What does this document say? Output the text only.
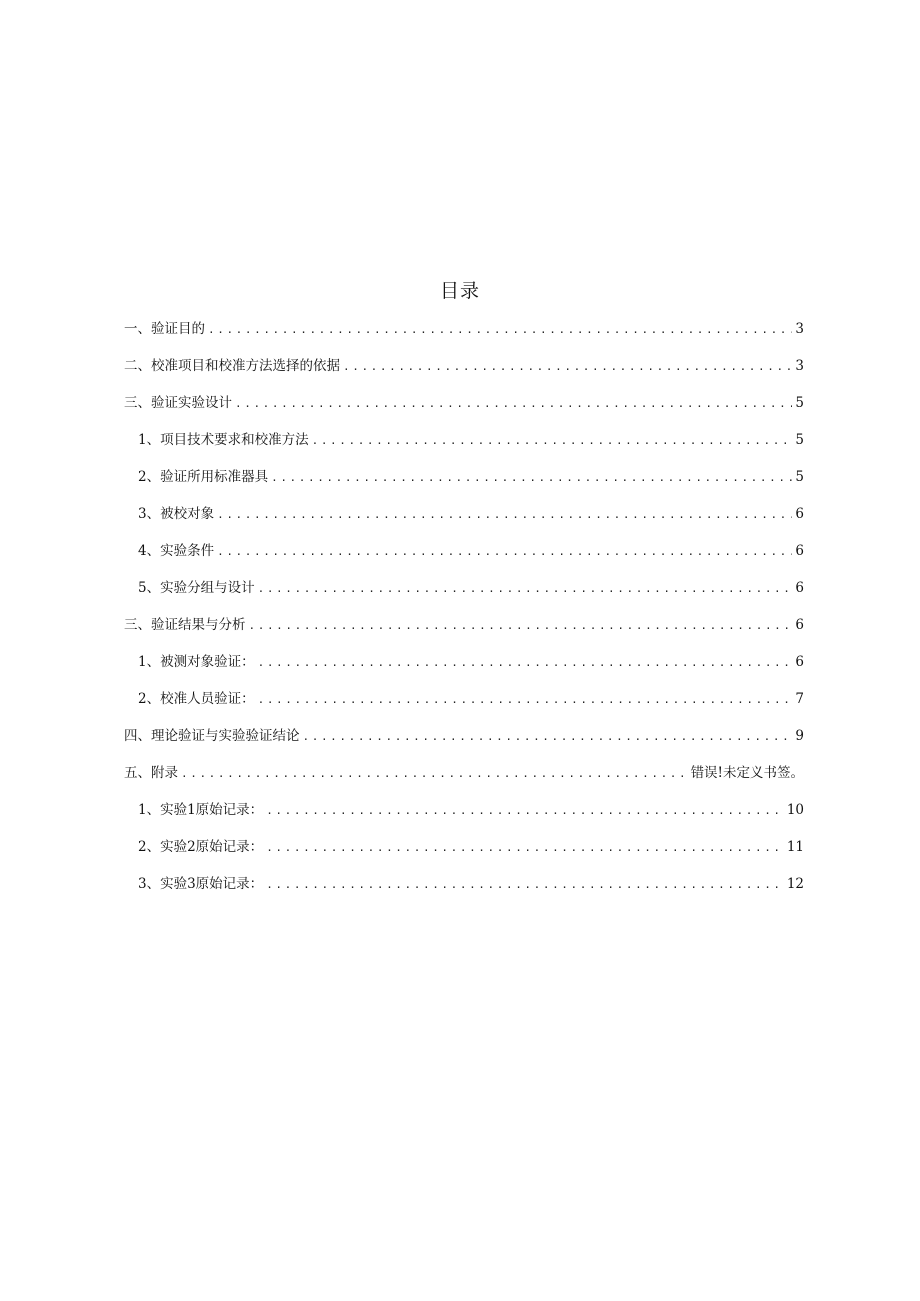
目录
一、验证目的 .....	3
二、校准项目和校准方法选择的依据 .....	3
三、验证实验设计 .....	5
1、项目技术要求和校准方法 .....	5
2、验证所用标准器具 .....	5
3、被校对象 .....	6
4、实验条件 .....	6
5、实验分组与设计 .....	6
三、验证结果与分析 .....	6
1、被测对象验证： .....	6
2、校准人员验证： .....	7
四、理论验证与实验验证结论 .....	9
五、附录 .....	错误!未定义书签。
1、实验1原始记录： .....	10
2、实验2原始记录： .....	11
3、实验3原始记录： .....	12
